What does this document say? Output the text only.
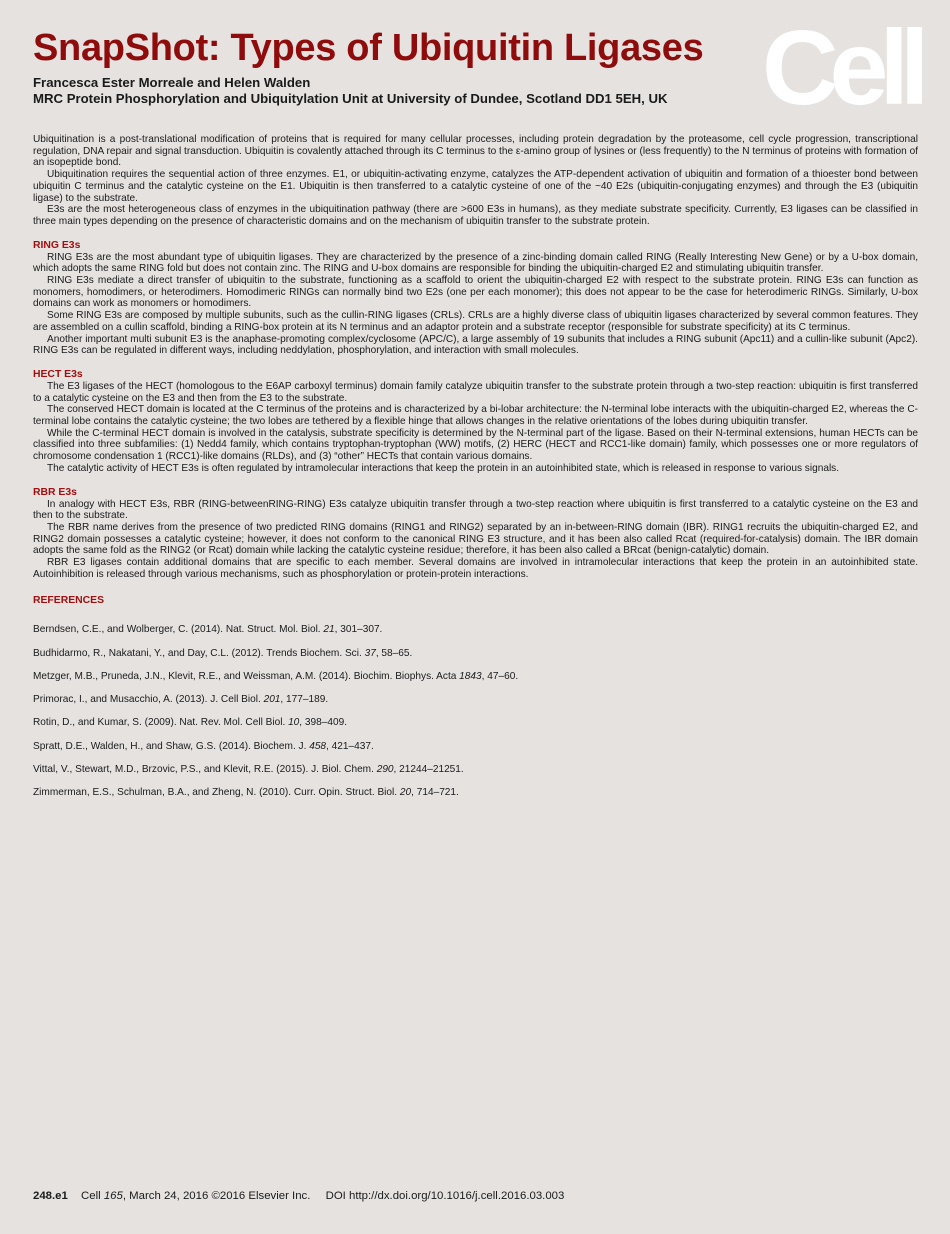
SnapShot: Types of Ubiquitin Ligases
Francesca Ester Morreale and Helen Walden
MRC Protein Phosphorylation and Ubiquitylation Unit at University of Dundee, Scotland DD1 5EH, UK Cell

Ubiquitination is a post-translational modification of proteins that is required for many cellular processes, including protein degradation by the proteasome, cell cycle progression, transcriptional regulation, DNA repair and signal transduction. Ubiquitin is covalently attached through its C terminus to the ε-amino group of lysines or (less frequently) to the N terminus of proteins with formation of an isopeptide bond.

Ubiquitination requires the sequential action of three enzymes. E1, or ubiquitin-activating enzyme, catalyzes the ATP-dependent activation of ubiquitin and formation of a thioester bond between ubiquitin C terminus and the catalytic cysteine on the E1. Ubiquitin is then transferred to a catalytic cysteine of one of the ~40 E2s (ubiquitin-conjugating enzymes) and through the E3 (ubiquitin ligase) to the substrate.

E3s are the most heterogeneous class of enzymes in the ubiquitination pathway (there are >600 E3s in humans), as they mediate substrate specificity. Currently, E3 ligases can be classified in three main types depending on the presence of characteristic domains and on the mechanism of ubiquitin transfer to the substrate protein.

RING E3s

RING E3s are the most abundant type of ubiquitin ligases. They are characterized by the presence of a zinc-binding domain called RING (Really Interesting New Gene) or by a U-box domain, which adopts the same RING fold but does not contain zinc. The RING and U-box domains are responsible for binding the ubiquitin-charged E2 and stimulating ubiquitin transfer.

RING E3s mediate a direct transfer of ubiquitin to the substrate, functioning as a scaffold to orient the ubiquitin-charged E2 with respect to the substrate protein. RING E3s can function as monomers, homodimers, or heterodimers. Homodimeric RINGs can normally bind two E2s (one per each monomer); this does not appear to be the case for heterodimeric RINGs. Similarly, U-box domains can work as monomers or homodimers.

Some RING E3s are composed by multiple subunits, such as the cullin-RING ligases (CRLs). CRLs are a highly diverse class of ubiquitin ligases characterized by several common features. They are assembled on a cullin scaffold, binding a RING-box protein at its N terminus and an adaptor protein and a substrate receptor (responsible for substrate specificity) at its C terminus.

Another important multi subunit E3 is the anaphase-promoting complex/cyclosome (APC/C), a large assembly of 19 subunits that includes a RING subunit (Apc11) and a cullin-like subunit (Apc2). RING E3s can be regulated in different ways, including neddylation, phosphorylation, and interaction with small molecules.

HECT E3s

The E3 ligases of the HECT (homologous to the E6AP carboxyl terminus) domain family catalyze ubiquitin transfer to the substrate protein through a two-step reaction: ubiquitin is first transferred to a catalytic cysteine on the E3 and then from the E3 to the substrate.

The conserved HECT domain is located at the C terminus of the proteins and is characterized by a bi-lobar architecture: the N-terminal lobe interacts with the ubiquitin-charged E2, whereas the C-terminal lobe contains the catalytic cysteine; the two lobes are tethered by a flexible hinge that allows changes in the relative orientations of the lobes during ubiquitin transfer.

While the C-terminal HECT domain is involved in the catalysis, substrate specificity is determined by the N-terminal part of the ligase. Based on their N-terminal extensions, human HECTs can be classified into three subfamilies: (1) Nedd4 family, which contains tryptophan-tryptophan (WW) motifs, (2) HERC (HECT and RCC1-like domain) family, which possesses one or more regulators of chromosome condensation 1 (RCC1)-like domains (RLDs), and (3) “other” HECTs that contain various domains.

The catalytic activity of HECT E3s is often regulated by intramolecular interactions that keep the protein in an autoinhibited state, which is released in response to various signals.

RBR E3s

In analogy with HECT E3s, RBR (RING-betweenRING-RING) E3s catalyze ubiquitin transfer through a two-step reaction where ubiquitin is first transferred to a catalytic cysteine on the E3 and then to the substrate.

The RBR name derives from the presence of two predicted RING domains (RING1 and RING2) separated by an in-between-RING domain (IBR). RING1 recruits the ubiquitin-charged E2, and RING2 domain possesses a catalytic cysteine; however, it does not conform to the canonical RING E3 structure, and it has been also called Rcat (required-for-catalysis) domain. The IBR domain adopts the same fold as the RING2 (or Rcat) domain while lacking the catalytic cysteine residue; therefore, it has been also called a BRcat (benign-catalytic) domain.

RBR E3 ligases contain additional domains that are specific to each member. Several domains are involved in intramolecular interactions that keep the protein in an autoinhibited state. Autoinhibition is released through various mechanisms, such as phosphorylation or protein-protein interactions.

REFERENCES
Berndsen, C.E., and Wolberger, C. (2014). Nat. Struct. Mol. Biol. 21, 301–307.
Budhidarmo, R., Nakatani, Y., and Day, C.L. (2012). Trends Biochem. Sci. 37, 58–65.
Metzger, M.B., Pruneda, J.N., Klevit, R.E., and Weissman, A.M. (2014). Biochim. Biophys. Acta 1843, 47–60.
Primorac, I., and Musacchio, A. (2013). J. Cell Biol. 201, 177–189.
Rotin, D., and Kumar, S. (2009). Nat. Rev. Mol. Cell Biol. 10, 398–409.
Spratt, D.E., Walden, H., and Shaw, G.S. (2014). Biochem. J. 458, 421–437.
Vittal, V., Stewart, M.D., Brzovic, P.S., and Klevit, R.E. (2015). J. Biol. Chem. 290, 21244–21251.
Zimmerman, E.S., Schulman, B.A., and Zheng, N. (2010). Curr. Opin. Struct. Biol. 20, 714–721.
248.e1 Cell 165, March 24, 2016 ©2016 Elsevier Inc. DOI http://dx.doi.org/10.1016/j.cell.2016.03.003
